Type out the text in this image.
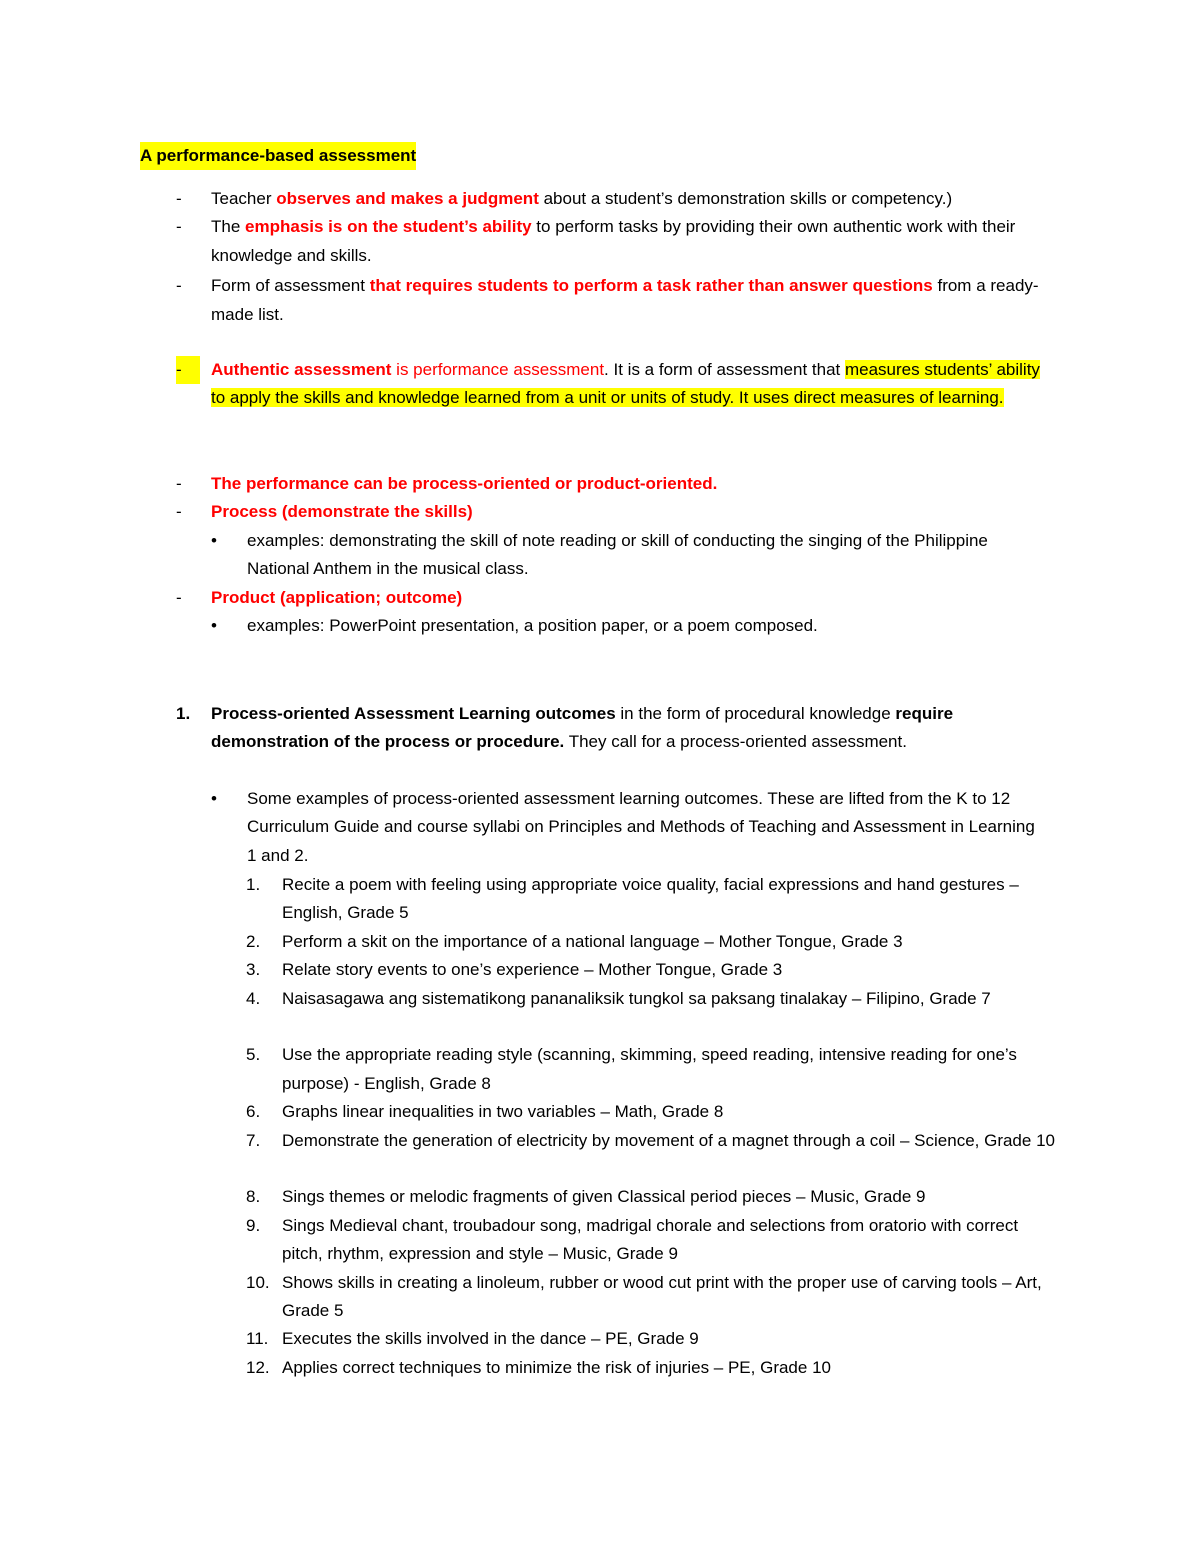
A performance-based assessment
- Teacher observes and makes a judgment about a student’s demonstration skills or competency.)
- The emphasis is on the student’s ability to perform tasks by providing their own authentic work with their knowledge and skills.
- Form of assessment that requires students to perform a task rather than answer questions from a ready-made list.
-	Authentic assessment is performance assessment. It is a form of assessment that measures students’ ability to apply the skills and knowledge learned from a unit or units of study. It uses direct measures of learning.
- The performance can be process-oriented or product-oriented.
- Process (demonstrate the skills)
• examples: demonstrating the skill of note reading or skill of conducting the singing of the Philippine National Anthem in the musical class.
- Product (application; outcome)
• examples: PowerPoint presentation, a position paper, or a poem composed.
1. Process-oriented Assessment Learning outcomes in the form of procedural knowledge require demonstration of the process or procedure. They call for a process-oriented assessment.
• Some examples of process-oriented assessment learning outcomes. These are lifted from the K to 12 Curriculum Guide and course syllabi on Principles and Methods of Teaching and Assessment in Learning 1 and 2.
1. Recite a poem with feeling using appropriate voice quality, facial expressions and hand gestures – English, Grade 5
2. Perform a skit on the importance of a national language – Mother Tongue, Grade 3
3. Relate story events to one’s experience – Mother Tongue, Grade 3
4. Naisasagawa ang sistematikong pananaliksik tungkol sa paksang tinalakay – Filipino, Grade 7
5. Use the appropriate reading style (scanning, skimming, speed reading, intensive reading for one’s purpose) - English, Grade 8
6. Graphs linear inequalities in two variables – Math, Grade 8
7. Demonstrate the generation of electricity by movement of a magnet through a coil – Science, Grade 10
8. Sings themes or melodic fragments of given Classical period pieces – Music, Grade 9
9. Sings Medieval chant, troubadour song, madrigal chorale and selections from oratorio with correct pitch, rhythm, expression and style – Music, Grade 9
10. Shows skills in creating a linoleum, rubber or wood cut print with the proper use of carving tools – Art, Grade 5
11. Executes the skills involved in the dance – PE, Grade 9
12. Applies correct techniques to minimize the risk of injuries – PE, Grade 10
